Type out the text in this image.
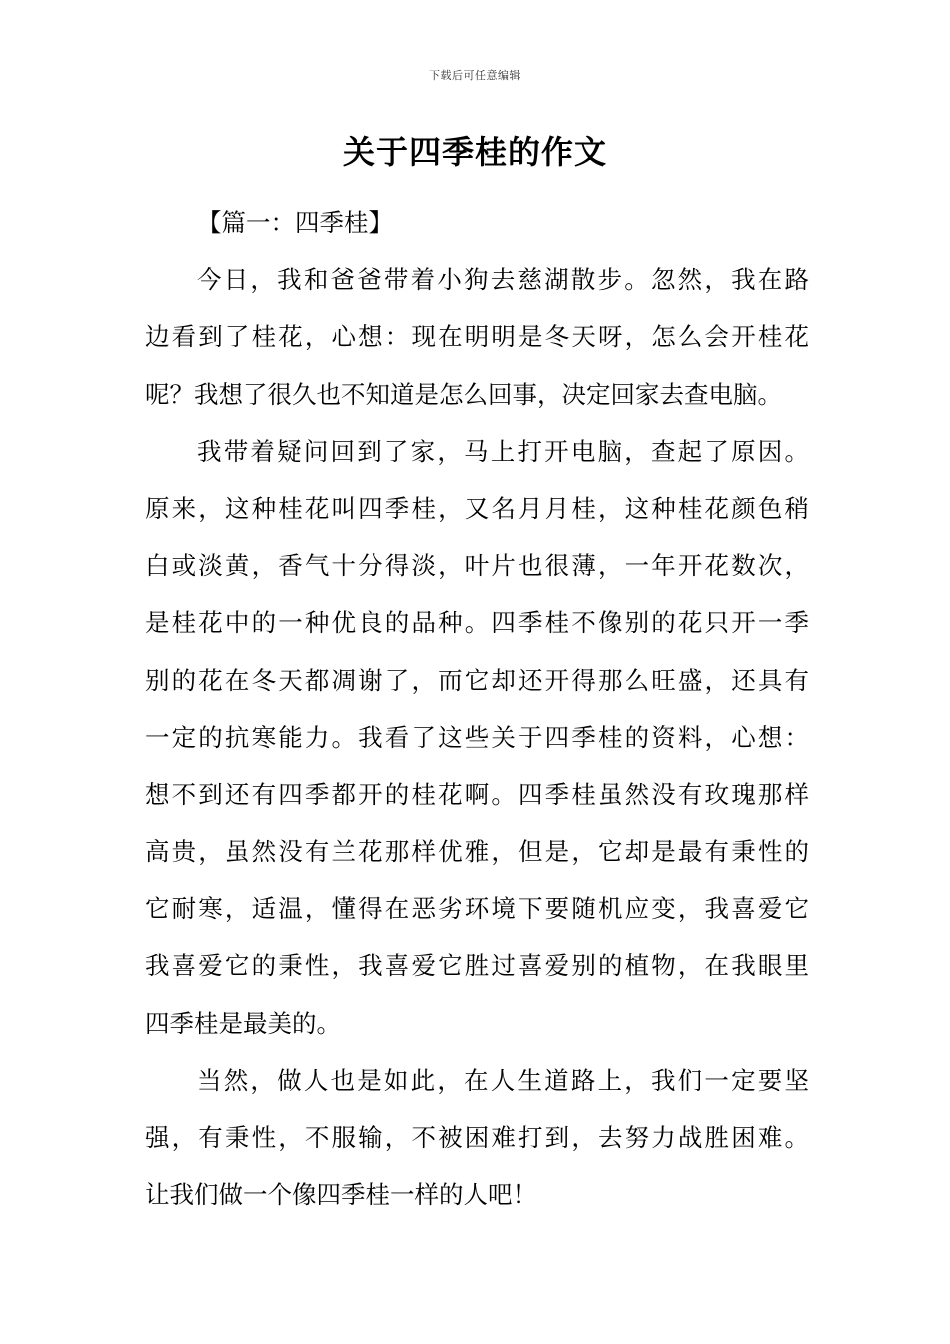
下载后可任意编辑
关于四季桂的作文
【篇一：四季桂】
今日，我和爸爸带着小狗去慈湖散步。忽然，我在路
边看到了桂花，心想：现在明明是冬天呀，怎么会开桂花
呢？我想了很久也不知道是怎么回事，决定回家去查电脑。
我带着疑问回到了家，马上打开电脑，查起了原因。
原来，这种桂花叫四季桂，又名月月桂，这种桂花颜色稍
白或淡黄，香气十分得淡，叶片也很薄，一年开花数次，
是桂花中的一种优良的品种。四季桂不像别的花只开一季
别的花在冬天都凋谢了，而它却还开得那么旺盛，还具有
一定的抗寒能力。我看了这些关于四季桂的资料，心想：
想不到还有四季都开的桂花啊。四季桂虽然没有玫瑰那样
高贵，虽然没有兰花那样优雅，但是，它却是最有秉性的
它耐寒，适温，懂得在恶劣环境下要随机应变，我喜爱它
我喜爱它的秉性，我喜爱它胜过喜爱别的植物，在我眼里
四季桂是最美的。
当然，做人也是如此，在人生道路上，我们一定要坚
强，有秉性，不服输，不被困难打到，去努力战胜困难。
让我们做一个像四季桂一样的人吧！
